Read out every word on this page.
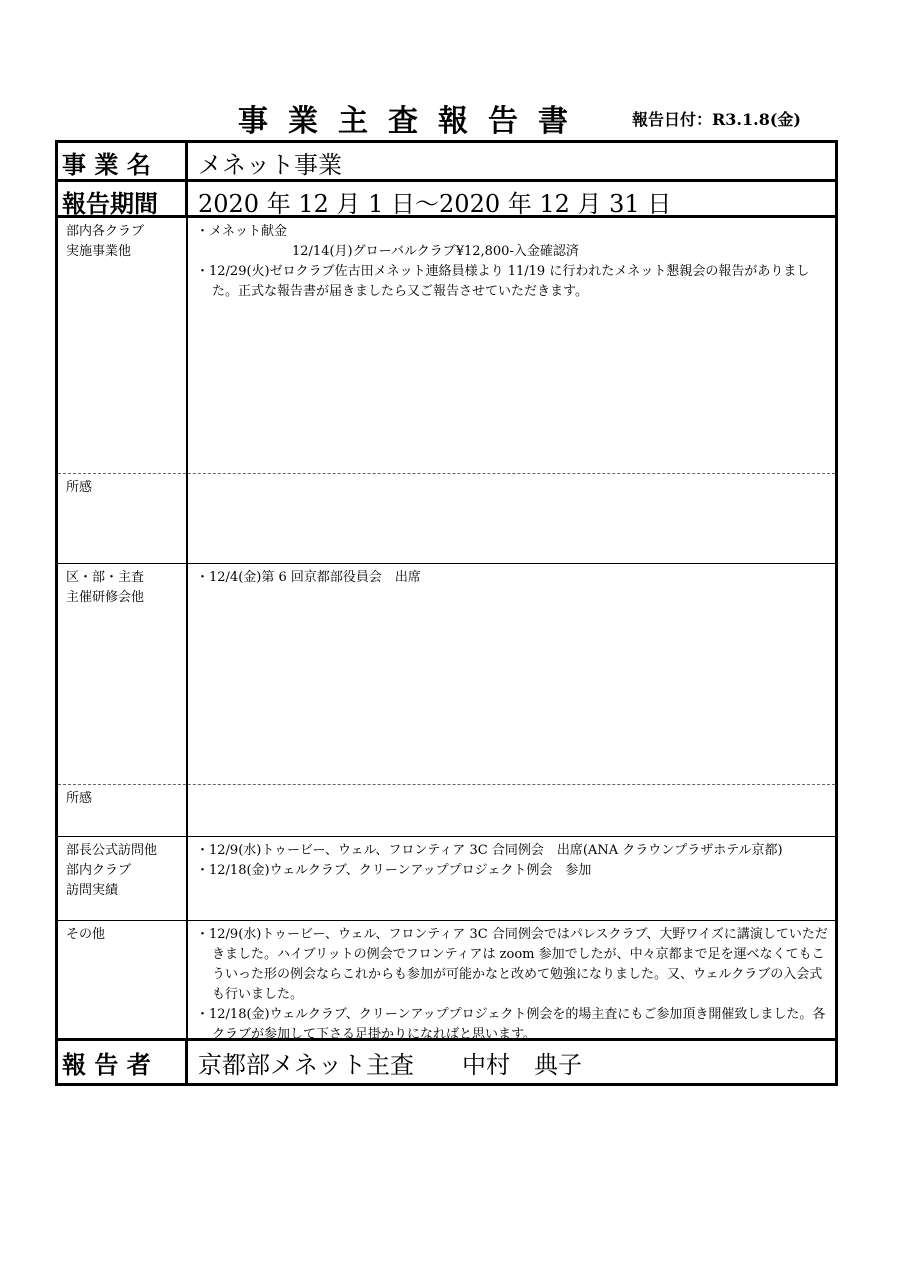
事業主査報告書	報告日付：R3.1.8(金)
事 業 名 メネット事業
報告期間 2020 年 12 月 1 日～2020 年 12 月 31 日
部内各クラブ
実施事業他
・メネット献金
12/14(月)グローバルクラブ¥12,800-入金確認済
・12/29(火)ゼロクラブ佐古田メネット連絡員様より 11/19 に行われたメネット懇親会の報告がありました。正式な報告書が届きましたら又ご報告させていただきます。
所感
区・部・主査
主催研修会他
・12/4(金)第 6 回京都部役員会　出席
所感
部長公式訪問他
部内クラブ
訪問実績
・12/9(水)トゥービー、ウェル、フロンティア 3C 合同例会　出席(ANA クラウンプラザホテル京都)
・12/18(金)ウェルクラブ、クリーンアッププロジェクト例会　参加
その他	・12/9(水)トゥービー、ウェル、フロンティア 3C 合同例会ではパレスクラブ、大野ワイズに講演していただきました。ハイブリットの例会でフロンティアは zoom 参加でしたが、中々京都まで足を運べなくてもこういった形の例会ならこれからも参加が可能かなと改めて勉強になりました。又、ウェルクラブの入会式も行いました。
・12/18(金)ウェルクラブ、クリーンアッププロジェクト例会を的場主査にもご参加頂き開催致しました。各クラブが参加して下さる足掛かりになればと思います。
報 告 者 京都部メネット主査　　中村　典子
